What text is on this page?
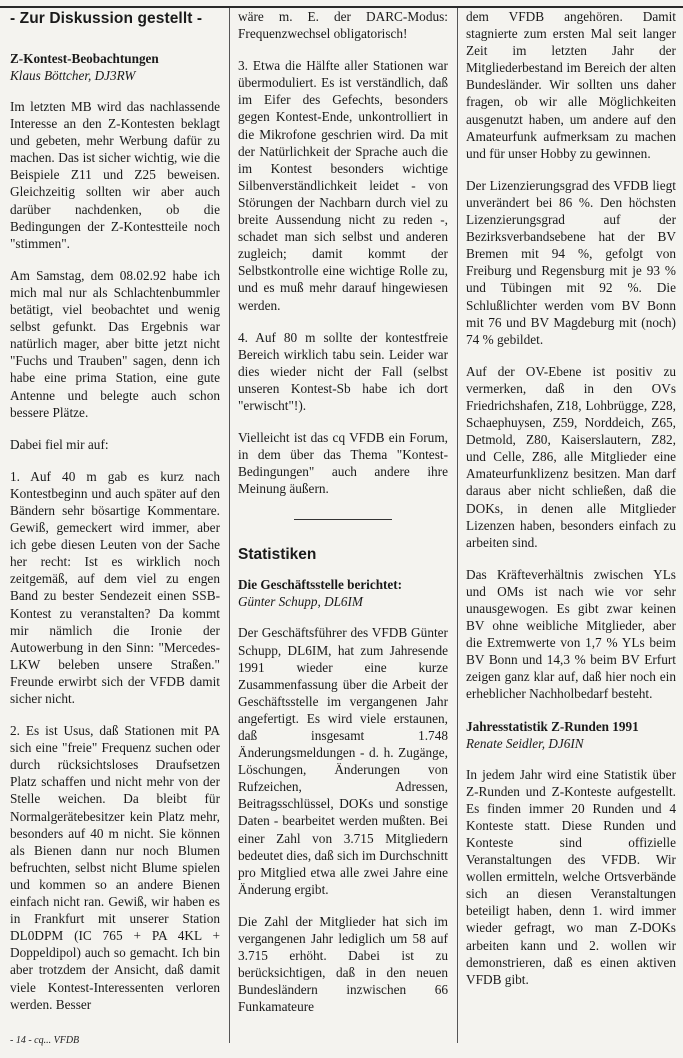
- Zur Diskussion gestellt -
Z-Kontest-Beobachtungen
Klaus Böttcher, DJ3RW

Im letzten MB wird das nachlassende Interesse an den Z-Kontesten beklagt und gebeten, mehr Werbung dafür zu machen. Das ist sicher wichtig, wie die Beispiele Z11 und Z25 beweisen. Gleichzeitig sollten wir aber auch darüber nachdenken, ob die Bedingungen der Z-Kontestteile noch "stimmen".

Am Samstag, dem 08.02.92 habe ich mich mal nur als Schlachtenbummler betätigt, viel beobachtet und wenig selbst gefunkt. Das Ergebnis war natürlich mager, aber bitte jetzt nicht "Fuchs und Trauben" sagen, denn ich habe eine prima Station, eine gute Antenne und belegte auch schon bessere Plätze.

Dabei fiel mir auf:

1. Auf 40 m gab es kurz nach Kontestbeginn und auch später auf den Bändern sehr bösartige Kommentare. Gewiß, gemeckert wird immer, aber ich gebe diesen Leuten von der Sache her recht: Ist es wirklich noch zeitgemäß, auf dem viel zu engen Band zu bester Sendezeit einen SSB-Kontest zu veranstalten? Da kommt mir nämlich die Ironie der Autowerbung in den Sinn: "Mercedes-LKW beleben unsere Straßen." Freunde erwirbt sich der VFDB damit sicher nicht.

2. Es ist Usus, daß Stationen mit PA sich eine "freie" Frequenz suchen oder durch rücksichtsloses Draufsetzen Platz schaffen und nicht mehr von der Stelle weichen. Da bleibt für Normalgerätebesitzer kein Platz mehr, besonders auf 40 m nicht. Sie können als Bienen dann nur noch Blumen befruchten, selbst nicht Blume spielen und kommen so an andere Bienen einfach nicht ran. Gewiß, wir haben es in Frankfurt mit unserer Station DL0DPM (IC 765 + PA 4KL + Doppeldipol) auch so gemacht. Ich bin aber trotzdem der Ansicht, daß damit viele Kontest-Interessenten verloren werden. Besser

wäre m. E. der DARC-Modus: Frequenzwechsel obligatorisch!

3. Etwa die Hälfte aller Stationen war übermoduliert. Es ist verständlich, daß im Eifer des Gefechts, besonders gegen Kontest-Ende, unkontrolliert in die Mikrofone geschrien wird. Da mit der Natürlichkeit der Sprache auch die im Kontest besonders wichtige Silbenverständlichkeit leidet - von Störungen der Nachbarn durch viel zu breite Aussendung nicht zu reden -, schadet man sich selbst und anderen zugleich; damit kommt der Selbstkontrolle eine wichtige Rolle zu, und es muß mehr darauf hingewiesen werden.

4. Auf 80 m sollte der kontestfreie Bereich wirklich tabu sein. Leider war dies wieder nicht der Fall (selbst unseren Kontest-Sb habe ich dort "erwischt"!).

Vielleicht ist das cq VFDB ein Forum, in dem über das Thema "Kontest-Bedingungen" auch andere ihre Meinung äußern.

Statistiken
Die Geschäftsstelle berichtet:
Günter Schupp, DL6IM

Der Geschäftsführer des VFDB Günter Schupp, DL6IM, hat zum Jahresende 1991 wieder eine kurze Zusammenfassung über die Arbeit der Geschäftsstelle im vergangenen Jahr angefertigt. Es wird viele erstaunen, daß insgesamt 1.748 Änderungsmeldungen - d. h. Zugänge, Löschungen, Änderungen von Rufzeichen, Adressen, Beitragsschlüssel, DOKs und sonstige Daten - bearbeitet werden mußten. Bei einer Zahl von 3.715 Mitgliedern bedeutet dies, daß sich im Durchschnitt pro Mitglied etwa alle zwei Jahre eine Änderung ergibt.

Die Zahl der Mitglieder hat sich im vergangenen Jahr lediglich um 58 auf 3.715 erhöht. Dabei ist zu berücksichtigen, daß in den neuen Bundesländern inzwischen 66 Funkamateure

dem VFDB angehören. Damit stagnierte zum ersten Mal seit langer Zeit im letzten Jahr der Mitgliederbestand im Bereich der alten Bundesländer. Wir sollten uns daher fragen, ob wir alle Möglichkeiten ausgenutzt haben, um andere auf den Amateurfunk aufmerksam zu machen und für unser Hobby zu gewinnen.

Der Lizenzierungsgrad des VFDB liegt unverändert bei 86 %. Den höchsten Lizenzierungsgrad auf der Bezirksverbandsebene hat der BV Bremen mit 94 %, gefolgt von Freiburg und Regensburg mit je 93 % und Tübingen mit 92 %. Die Schlußlichter werden vom BV Bonn mit 76 und BV Magdeburg mit (noch) 74 % gebildet.

Auf der OV-Ebene ist positiv zu vermerken, daß in den OVs Friedrichshafen, Z18, Lohbrügge, Z28, Schaephuysen, Z59, Norddeich, Z65, Detmold, Z80, Kaiserslautern, Z82, und Celle, Z86, alle Mitglieder eine Amateurfunklizenz besitzen. Man darf daraus aber nicht schließen, daß die DOKs, in denen alle Mitglieder Lizenzen haben, besonders einfach zu arbeiten sind.

Das Kräfteverhältnis zwischen YLs und OMs ist nach wie vor sehr unausgewogen. Es gibt zwar keinen BV ohne weibliche Mitglieder, aber die Extremwerte von 1,7 % YLs beim BV Bonn und 14,3 % beim BV Erfurt zeigen ganz klar auf, daß hier noch ein erheblicher Nachholbedarf besteht.

Jahresstatistik Z-Runden 1991
Renate Seidler, DJ6IN

In jedem Jahr wird eine Statistik über Z-Runden und Z-Konteste aufgestellt. Es finden immer 20 Runden und 4 Konteste statt. Diese Runden und Konteste sind offizielle Veranstaltungen des VFDB. Wir wollen ermitteln, welche Ortsverbände sich an diesen Veranstaltungen beteiligt haben, denn 1. wird immer wieder gefragt, wo man Z-DOKs arbeiten kann und 2. wollen wir demonstrieren, daß es einen aktiven VFDB gibt.

- 14 - cq... VFDB
